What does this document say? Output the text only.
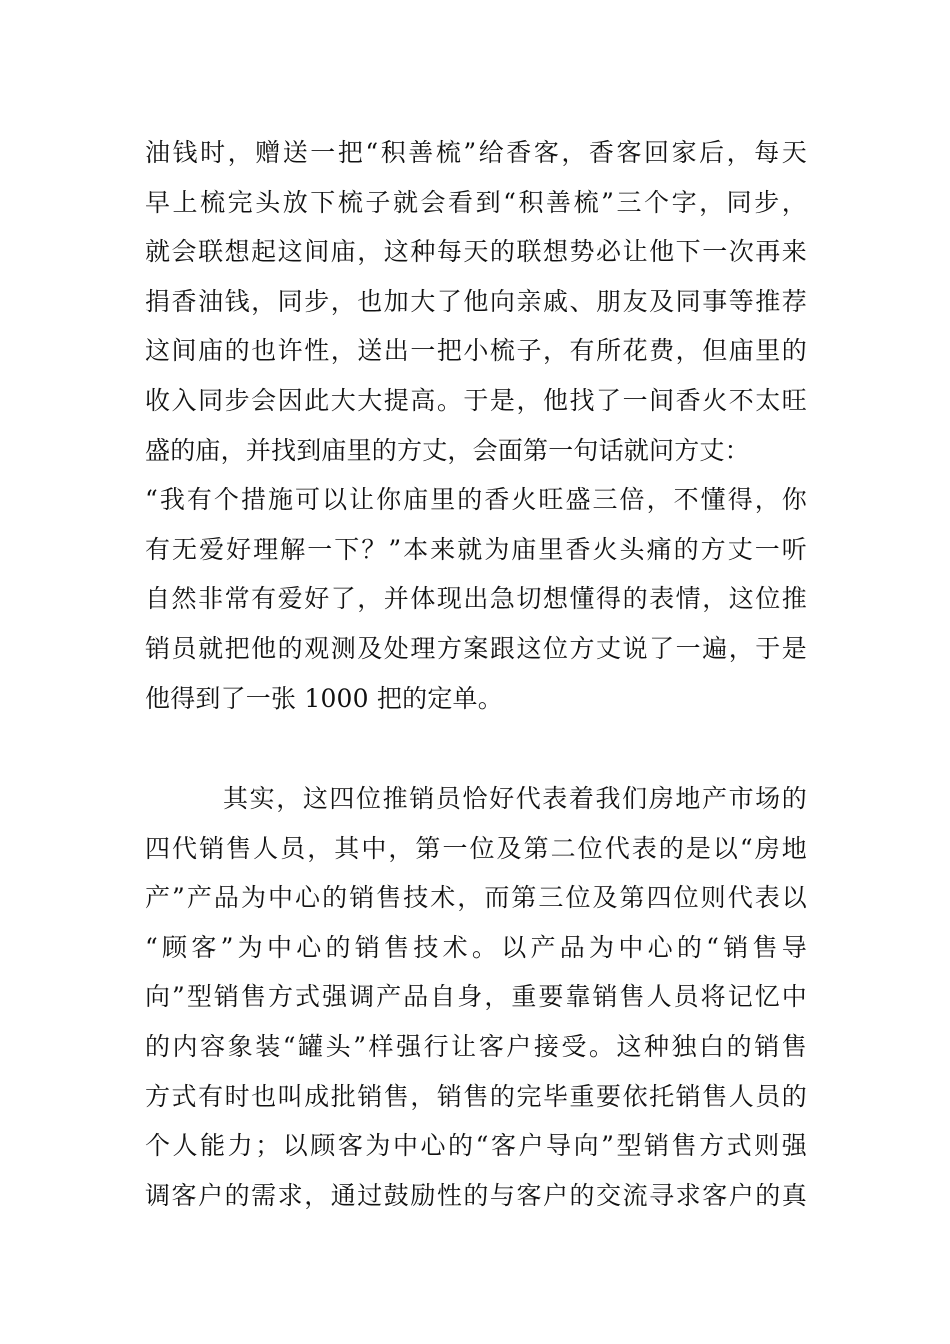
油钱时，赠送一把“积善梳”给香客，香客回家后，每天
早上梳完头放下梳子就会看到“积善梳”三个字，同步，
就会联想起这间庙，这种每天的联想势必让他下一次再来
捐香油钱，同步，也加大了他向亲戚、朋友及同事等推荐
这间庙的也许性，送出一把小梳子，有所花费，但庙里的
收入同步会因此大大提高。于是，他找了一间香火不太旺
盛的庙，并找到庙里的方丈，会面第一句话就问方丈：
“我有个措施可以让你庙里的香火旺盛三倍，不懂得，你
有无爱好理解一下？”本来就为庙里香火头痛的方丈一听
自然非常有爱好了，并体现出急切想懂得的表情，这位推
销员就把他的观测及处理方案跟这位方丈说了一遍，于是
他得到了一张 1000 把的定单。
其实，这四位推销员恰好代表着我们房地产市场的
四代销售人员，其中，第一位及第二位代表的是以“房地
产”产品为中心的销售技术，而第三位及第四位则代表以
“顾客”为中心的销售技术。以产品为中心的“销售导
向”型销售方式强调产品自身，重要靠销售人员将记忆中
的内容象装“罐头”样强行让客户接受。这种独白的销售
方式有时也叫成批销售，销售的完毕重要依托销售人员的
个人能力；以顾客为中心的“客户导向”型销售方式则强
调客户的需求，通过鼓励性的与客户的交流寻求客户的真
